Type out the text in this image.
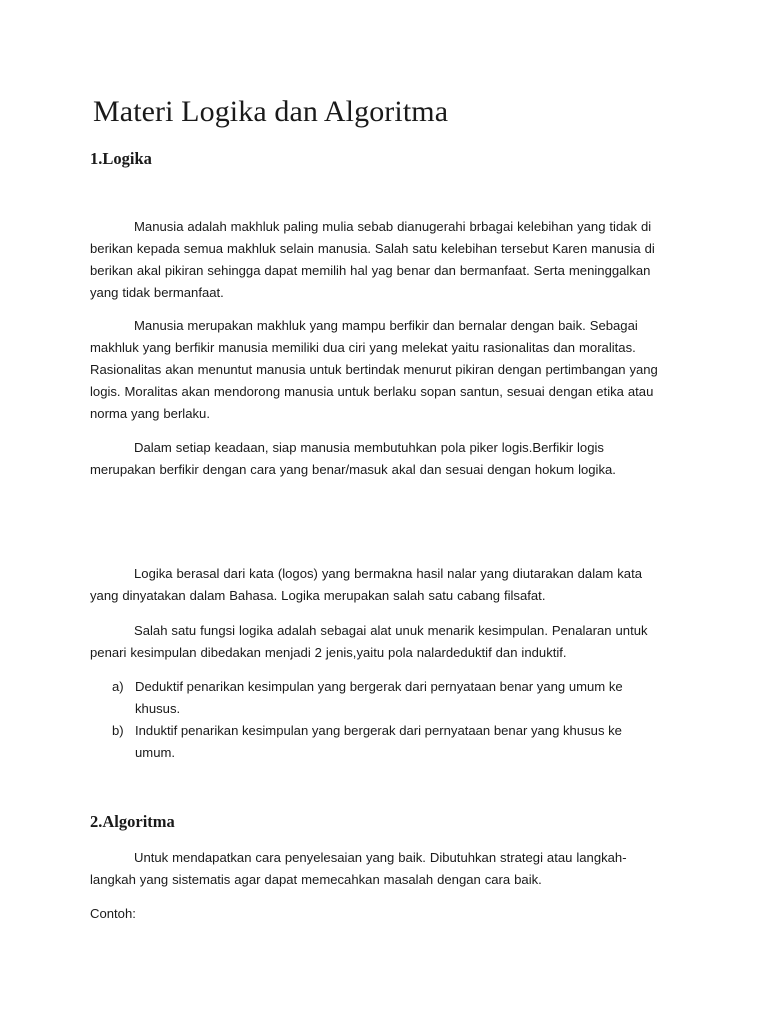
Materi Logika dan Algoritma
1.Logika

Manusia adalah makhluk paling mulia sebab dianugerahi brbagai kelebihan yang tidak di berikan kepada semua makhluk selain manusia. Salah satu kelebihan tersebut Karen manusia di berikan akal pikiran sehingga dapat memilih hal yag benar dan bermanfaat. Serta meninggalkan yang tidak bermanfaat.

Manusia merupakan makhluk yang mampu berfikir dan bernalar dengan baik. Sebagai makhluk yang berfikir manusia memiliki dua ciri yang melekat yaitu rasionalitas dan moralitas. Rasionalitas akan menuntut manusia untuk bertindak menurut pikiran dengan pertimbangan yang logis. Moralitas akan mendorong manusia untuk berlaku sopan santun, sesuai dengan etika atau norma yang berlaku.

Dalam setiap keadaan, siap manusia membutuhkan pola piker logis.Berfikir logis merupakan berfikir dengan cara yang benar/masuk akal dan sesuai dengan hokum logika.

Logika berasal dari kata (logos) yang bermakna hasil nalar yang diutarakan dalam kata yang dinyatakan dalam Bahasa. Logika merupakan salah satu cabang filsafat.

Salah satu fungsi logika adalah sebagai alat unuk menarik kesimpulan. Penalaran untuk penari kesimpulan dibedakan menjadi 2 jenis,yaitu pola nalardeduktif dan induktif.

a) Deduktif penarikan kesimpulan yang bergerak dari pernyataan benar yang umum ke khusus.
b) Induktif penarikan kesimpulan yang bergerak dari pernyataan benar yang khusus ke umum.
2.Algoritma

Untuk mendapatkan cara penyelesaian yang baik. Dibutuhkan strategi atau langkah-langkah yang sistematis agar dapat memecahkan masalah dengan cara baik.

Contoh:
